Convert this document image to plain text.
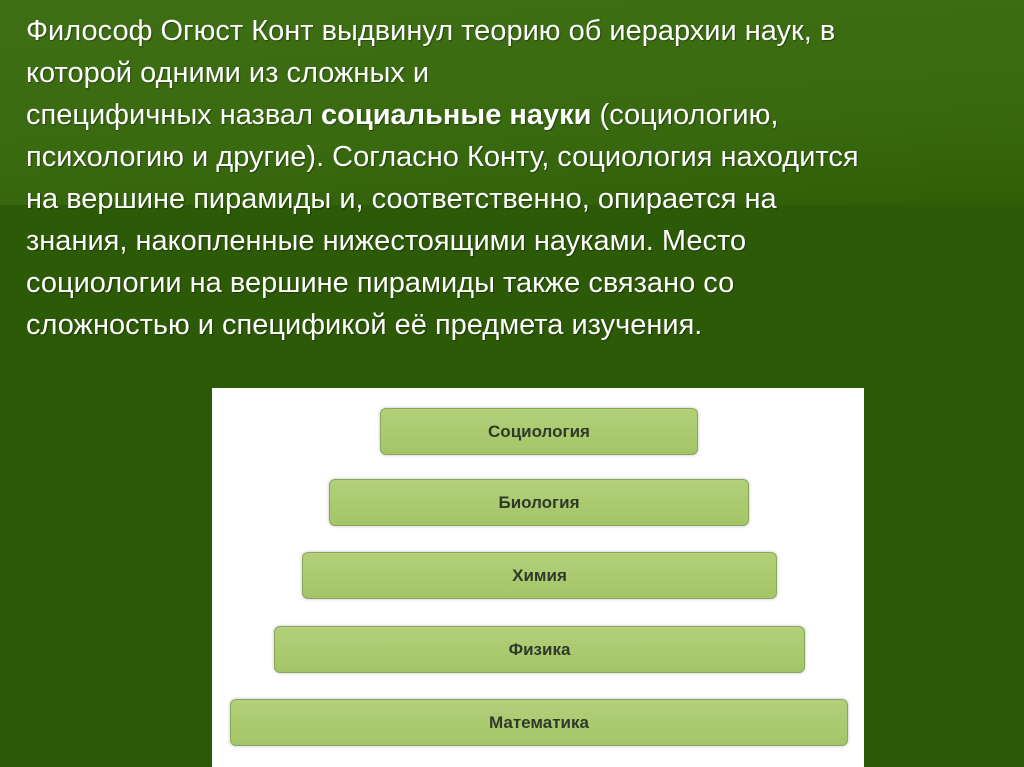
Философ Огюст Конт выдвинул теорию об иерархии наук, в
которой одними из сложных и
специфичных назвал социальные науки (социологию,
психологию и другие). Согласно Конту, социология находится
на вершине пирамиды и, соответственно, опирается на
знания, накопленные нижестоящими науками. Место
социологии на вершине пирамиды также связано со
сложностью и спецификой её предмета изучения.

Социология
Биология
Химия
Физика
Математика
